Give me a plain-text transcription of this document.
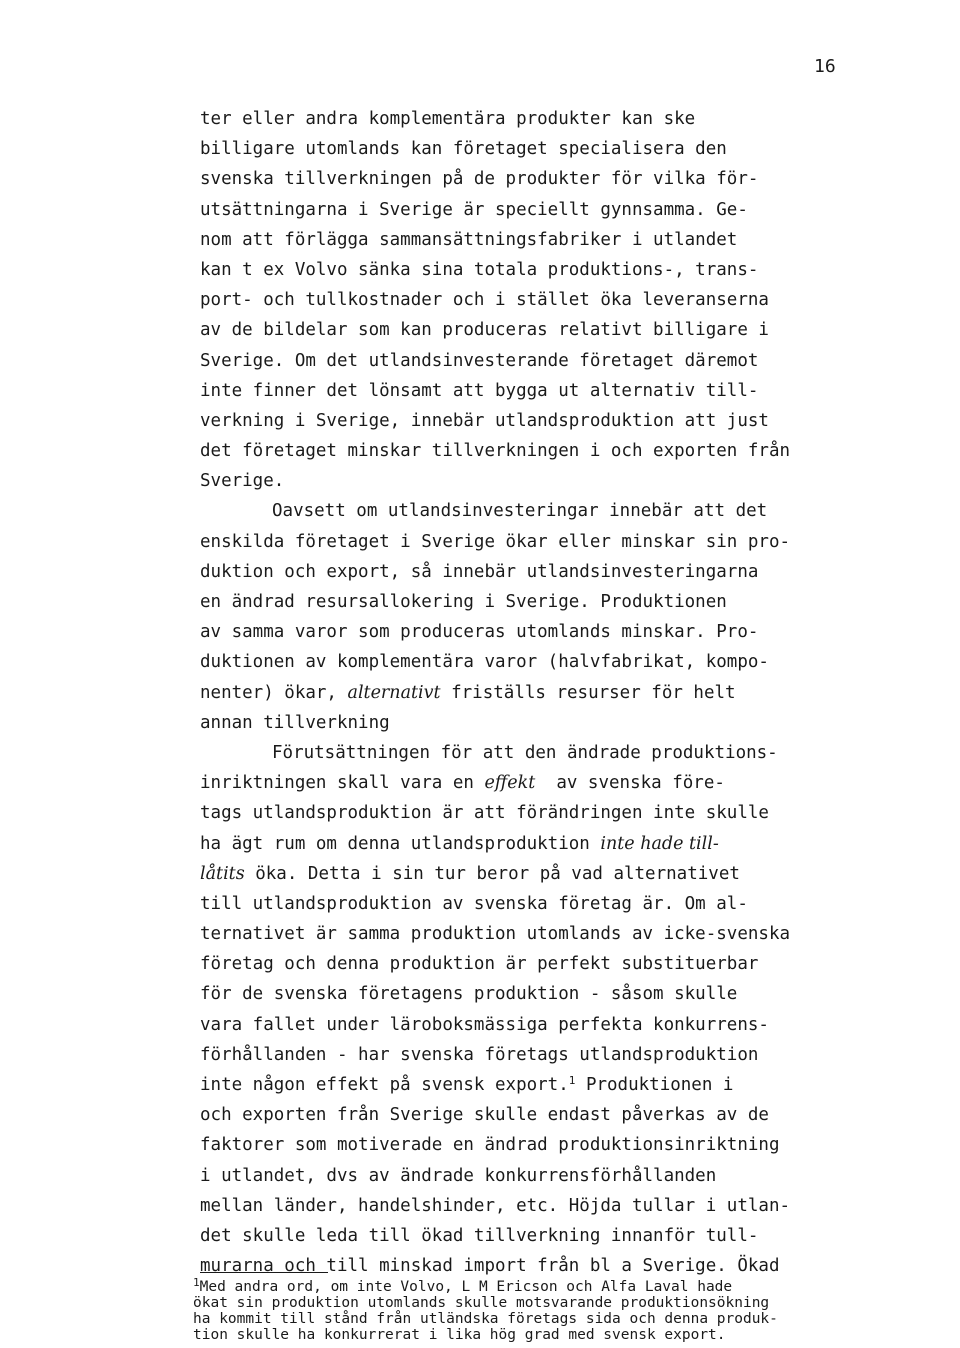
16
ter eller andra komplementära produkter kan ske
billigare utomlands kan företaget specialisera den
svenska tillverkningen på de produkter för vilka för-
utsättningarna i Sverige är speciellt gynnsamma. Ge-
nom att förlägga sammansättningsfabriker i utlandet
kan t ex Volvo sänka sina totala produktions-, trans-
port- och tullkostnader och i stället öka leveranserna
av de bildelar som kan produceras relativt billigare i
Sverige. Om det utlandsinvesterande företaget däremot
inte finner det lönsamt att bygga ut alternativ till-
verkning i Sverige, innebär utlandsproduktion att just
det företaget minskar tillverkningen i och exporten från
Sverige.
Oavsett om utlandsinvesteringar innebär att det
enskilda företaget i Sverige ökar eller minskar sin pro-
duktion och export, så innebär utlandsinvesteringarna
en ändrad resursallokering i Sverige. Produktionen
av samma varor som produceras utomlands minskar. Pro-
duktionen av komplementära varor (halvfabrikat, kompo-
nenter) ökar, alternativt friställs resurser för helt
annan tillverkning
Förutsättningen för att den ändrade produktions-
inriktningen skall vara en effekt av svenska före-
tags utlandsproduktion är att förändringen inte skulle
ha ägt rum om denna utlandsproduktion inte hade till-
låtits öka. Detta i sin tur beror på vad alternativet
till utlandsproduktion av svenska företag är. Om al-
ternativet är samma produktion utomlands av icke-svenska
företag och denna produktion är perfekt substituerbar
för de svenska företagens produktion - såsom skulle
vara fallet under läroboksmässiga perfekta konkurrens-
förhållanden - har svenska företags utlandsproduktion
inte någon effekt på svensk export.$^1$ Produktionen i
och exporten från Sverige skulle endast påverkas av de
faktorer som motiverade en ändrad produktionsinriktning
i utlandet, dvs av ändrade konkurrensförhållanden
mellan länder, handelshinder, etc. Höjda tullar i utlan-
det skulle leda till ökad tillverkning innanför tull-
murarna och till minskad import från bl a Sverige. Ökad
$^1$Med andra ord, om inte Volvo, L M Ericson och Alfa Laval hade
ökat sin produktion utomlands skulle motsvarande produktionsökning
ha kommit till stånd från utländska företags sida och denna produk-
tion skulle ha konkurrerat i lika hög grad med svensk export.
